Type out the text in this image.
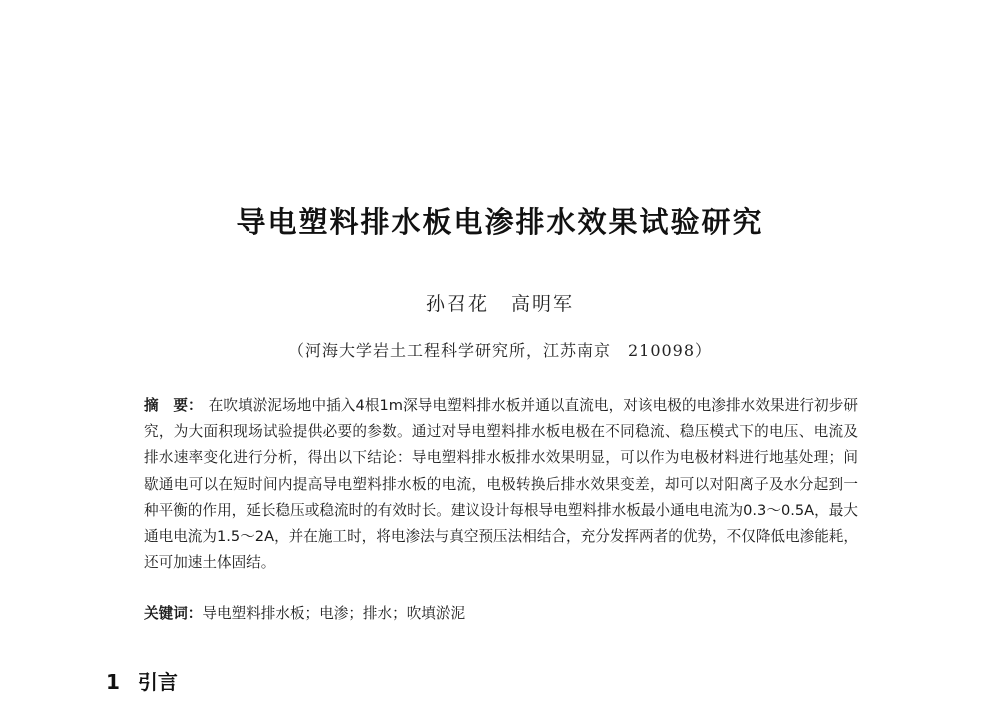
导电塑料排水板电渗排水效果试验研究
孙召花 高明军
（河海大学岩土工程科学研究所，江苏南京　210098）
摘　要： 在吹填淤泥场地中插入4根1m深导电塑料排水板并通以直流电，对该电极的电渗排水效果进行初步研究，为大面积现场试验提供必要的参数。通过对导电塑料排水板电极在不同稳流、稳压模式下的电压、电流及排水速率变化进行分析，得出以下结论：导电塑料排水板排水效果明显，可以作为电极材料进行地基处理；间歇通电可以在短时间内提高导电塑料排水板的电流，电极转换后排水效果变差，却可以对阳离子及水分起到一种平衡的作用，延长稳压或稳流时的有效时长。建议设计每根导电塑料排水板最小通电电流为0.3～0.5A，最大通电电流为1.5～2A，并在施工时，将电渗法与真空预压法相结合，充分发挥两者的优势，不仅降低电渗能耗，还可加速土体固结。
关键词：导电塑料排水板；电渗；排水；吹填淤泥
1 引言
